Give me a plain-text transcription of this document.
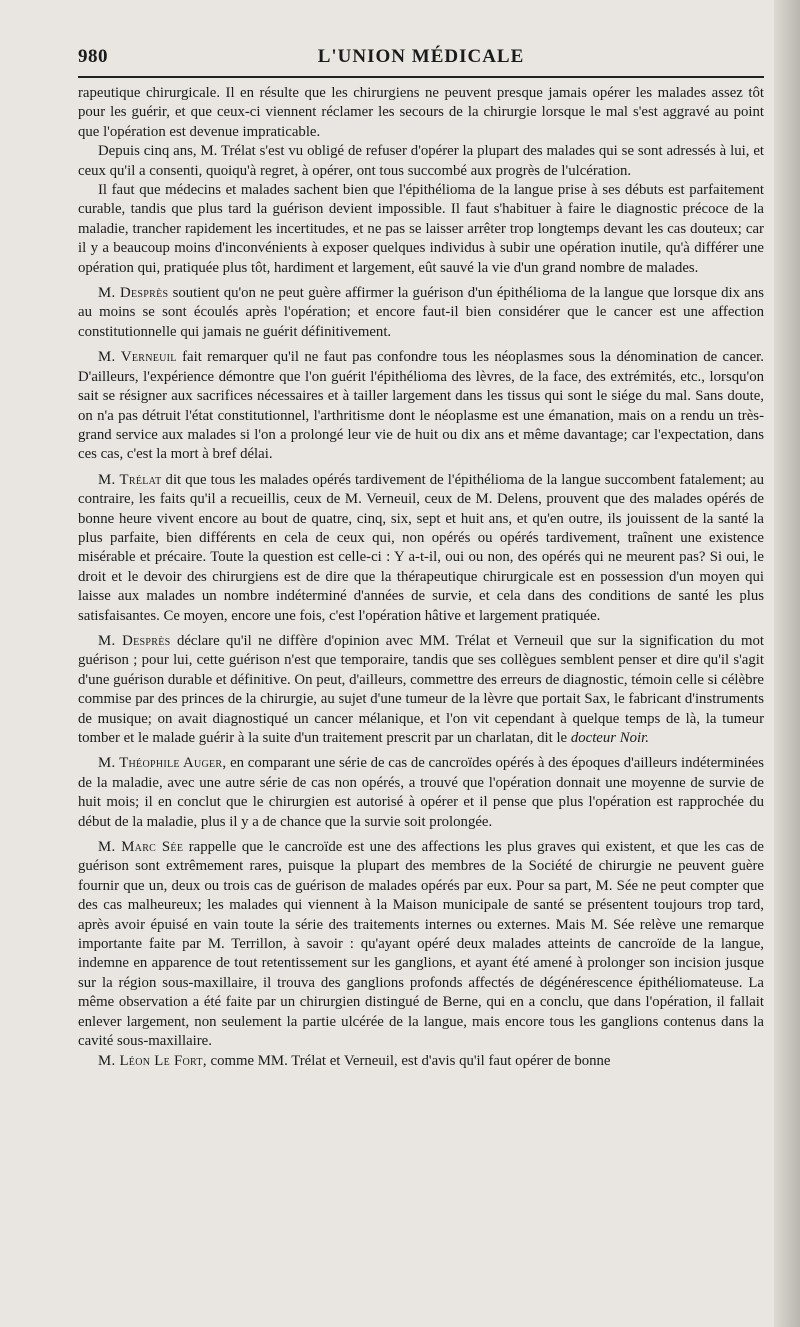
980	L'UNION MÉDICALE

rapeutique chirurgicale. Il en résulte que les chirurgiens ne peuvent presque jamais opérer les malades assez tôt pour les guérir, et que ceux-ci viennent réclamer les secours de la chirurgie lorsque le mal s'est aggravé au point que l'opération est devenue impraticable.

Depuis cinq ans, M. Trélat s'est vu obligé de refuser d'opérer la plupart des malades qui se sont adressés à lui, et ceux qu'il a consenti, quoiqu'à regret, à opérer, ont tous succombé aux progrès de l'ulcération.

Il faut que médecins et malades sachent bien que l'épithélioma de la langue prise à ses débuts est parfaitement curable, tandis que plus tard la guérison devient impossible. Il faut s'habituer à faire le diagnostic précoce de la maladie, trancher rapidement les incertitudes, et ne pas se laisser arrêter trop longtemps devant les cas douteux; car il y a beaucoup moins d'inconvénients à exposer quelques individus à subir une opération inutile, qu'à différer une opération qui, pratiquée plus tôt, hardiment et largement, eût sauvé la vie d'un grand nombre de malades.

M. Desprès soutient qu'on ne peut guère affirmer la guérison d'un épithélioma de la langue que lorsque dix ans au moins se sont écoulés après l'opération; et encore faut-il bien considérer que le cancer est une affection constitutionnelle qui jamais ne guérit définitivement.

M. Verneuil fait remarquer qu'il ne faut pas confondre tous les néoplasmes sous la dénomination de cancer. D'ailleurs, l'expérience démontre que l'on guérit l'épithélioma des lèvres, de la face, des extrémités, etc., lorsqu'on sait se résigner aux sacrifices nécessaires et à tailler largement dans les tissus qui sont le siége du mal. Sans doute, on n'a pas détruit l'état constitutionnel, l'arthritisme dont le néoplasme est une émanation, mais on a rendu un très-grand service aux malades si l'on a prolongé leur vie de huit ou dix ans et même davantage; car l'expectation, dans ces cas, c'est la mort à bref délai.

M. Trélat dit que tous les malades opérés tardivement de l'épithélioma de la langue succombent fatalement; au contraire, les faits qu'il a recueillis, ceux de M. Verneuil, ceux de M. Delens, prouvent que des malades opérés de bonne heure vivent encore au bout de quatre, cinq, six, sept et huit ans, et qu'en outre, ils jouissent de la santé la plus parfaite, bien différents en cela de ceux qui, non opérés ou opérés tardivement, traînent une existence misérable et précaire. Toute la question est celle-ci : Y a-t-il, oui ou non, des opérés qui ne meurent pas? Si oui, le droit et le devoir des chirurgiens est de dire que la thérapeutique chirurgicale est en possession d'un moyen qui laisse aux malades un nombre indéterminé d'années de survie, et cela dans des conditions de santé les plus satisfaisantes. Ce moyen, encore une fois, c'est l'opération hâtive et largement pratiquée.

M. Desprès déclare qu'il ne diffère d'opinion avec MM. Trélat et Verneuil que sur la signification du mot guérison ; pour lui, cette guérison n'est que temporaire, tandis que ses collègues semblent penser et dire qu'il s'agit d'une guérison durable et définitive. On peut, d'ailleurs, commettre des erreurs de diagnostic, témoin celle si célèbre commise par des princes de la chirurgie, au sujet d'une tumeur de la lèvre que portait Sax, le fabricant d'instruments de musique; on avait diagnostiqué un cancer mélanique, et l'on vit cependant à quelque temps de là, la tumeur tomber et le malade guérir à la suite d'un traitement prescrit par un charlatan, dit le docteur Noir.

M. Théophile Auger, en comparant une série de cas de cancroïdes opérés à des époques d'ailleurs indéterminées de la maladie, avec une autre série de cas non opérés, a trouvé que l'opération donnait une moyenne de survie de huit mois; il en conclut que le chirurgien est autorisé à opérer et il pense que plus l'opération est rapprochée du début de la maladie, plus il y a de chance que la survie soit prolongée.

M. Marc Sée rappelle que le cancroïde est une des affections les plus graves qui existent, et que les cas de guérison sont extrêmement rares, puisque la plupart des membres de la Société de chirurgie ne peuvent guère fournir que un, deux ou trois cas de guérison de malades opérés par eux. Pour sa part, M. Sée ne peut compter que des cas malheureux; les malades qui viennent à la Maison municipale de santé se présentent toujours trop tard, après avoir épuisé en vain toute la série des traitements internes ou externes. Mais M. Sée relève une remarque importante faite par M. Terrillon, à savoir : qu'ayant opéré deux malades atteints de cancroïde de la langue, indemne en apparence de tout retentissement sur les ganglions, et ayant été amené à prolonger son incision jusque sur la région sous-maxillaire, il trouva des ganglions profonds affectés de dégénérescence épithéliomateuse. La même observation a été faite par un chirurgien distingué de Berne, qui en a conclu, que dans l'opération, il fallait enlever largement, non seulement la partie ulcérée de la langue, mais encore tous les ganglions contenus dans la cavité sous-maxillaire.

M. Léon Le Fort, comme MM. Trélat et Verneuil, est d'avis qu'il faut opérer de bonne
